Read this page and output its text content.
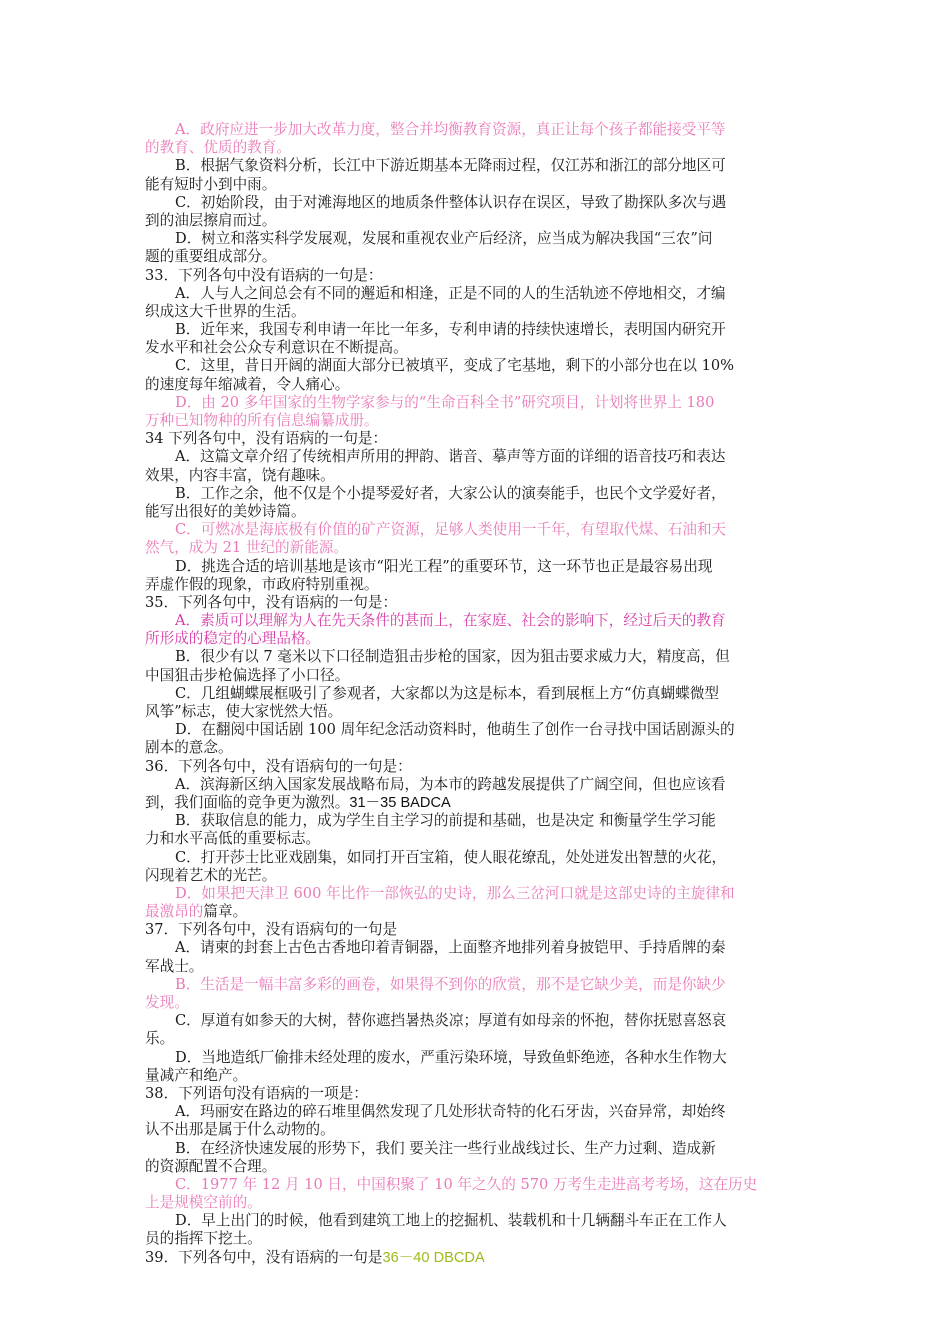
A．政府应进一步加大改革力度，整合并均衡教育资源，真正让每个孩子都能接受平等
的教育、优质的教育。
B．根据气象资料分析，长江中下游近期基本无降雨过程，仅江苏和浙江的部分地区可
能有短时小到中雨。
C．初始阶段，由于对滩海地区的地质条件整体认识存在误区，导致了勘探队多次与遇
到的油层擦肩而过。
D．树立和落实科学发展观，发展和重视农业产后经济，应当成为解决我国“三农”问
题的重要组成部分。
33．下列各句中没有语病的一句是：
A．人与人之间总会有不同的邂逅和相逢，正是不同的人的生活轨迹不停地相交，才编
织成这大千世界的生活。
B．近年来，我国专利申请一年比一年多，专利申请的持续快速增长，表明国内研究开
发水平和社会公众专利意识在不断提高。
C．这里，昔日开阔的湖面大部分已被填平，变成了宅基地，剩下的小部分也在以 10%
的速度每年缩减着，令人痛心。
D．由 20 多年国家的生物学家参与的“生命百科全书”研究项目，计划将世界上 180
万种已知物种的所有信息编纂成册。
34 下列各句中，没有语病的一句是：
A．这篇文章介绍了传统相声所用的押韵、谐音、摹声等方面的详细的语音技巧和表达
效果，内容丰富，饶有趣味。
B．工作之余，他不仅是个小提琴爱好者，大家公认的演奏能手，也民个文学爱好者，
能写出很好的美妙诗篇。
C．可燃冰是海底极有价值的矿产资源，足够人类使用一千年，有望取代煤、石油和天
然气，成为 21 世纪的新能源。
D．挑选合适的培训基地是该市“阳光工程”的重要环节，这一环节也正是最容易出现
弄虚作假的现象，市政府特别重视。
35．下列各句中，没有语病的一句是：
A．素质可以理解为人在先天条件的甚而上，在家庭、社会的影响下，经过后天的教育
所形成的稳定的心理品格。
B．很少有以 7 毫米以下口径制造狙击步枪的国家，因为狙击要求威力大，精度高，但
中国狙击步枪偏选择了小口径。
C．几组蝴蝶展框吸引了参观者，大家都以为这是标本，看到展框上方“仿真蝴蝶微型
风筝”标志，使大家恍然大悟。
D．在翻阅中国话剧 100 周年纪念活动资料时，他萌生了创作一台寻找中国话剧源头的
剧本的意念。
36．下列各句中，没有语病句的一句是：
A．滨海新区纳入国家发展战略布局，为本市的跨越发展提供了广阔空间，但也应该看
到，我们面临的竞争更为激烈。31－35 BADCA
B．获取信息的能力，成为学生自主学习的前提和基础，也是决定 和衡量学生学习能
力和水平高低的重要标志。
C．打开莎士比亚戏剧集，如同打开百宝箱，使人眼花缭乱，处处迸发出智慧的火花，
闪现着艺术的光芒。
D．如果把天津卫 600 年比作一部恢弘的史诗，那么三岔河口就是这部史诗的主旋律和
最激昂的篇章。
37．下列各句中，没有语病句的一句是
A．请柬的封套上古色古香地印着青铜器，上面整齐地排列着身披铠甲、手持盾牌的秦
军战士。
B．生活是一幅丰富多彩的画卷，如果得不到你的欣赏，那不是它缺少美，而是你缺少
发现。
C．厚道有如参天的大树，替你遮挡暑热炎凉；厚道有如母亲的怀抱，替你抚慰喜怒哀
乐。
D．当地造纸厂偷排未经处理的废水，严重污染环境，导致鱼虾绝迹，各种水生作物大
量减产和绝产。
38．下列语句没有语病的一项是：
A．玛丽安在路边的碎石堆里偶然发现了几处形状奇特的化石牙齿，兴奋异常，却始终
认不出那是属于什么动物的。
B．在经济快速发展的形势下，我们 要关注一些行业战线过长、生产力过剩、造成新
的资源配置不合理。
C．1977 年 12 月 10 日，中国积聚了 10 年之久的 570 万考生走进高考考场，这在历史
上是规模空前的。
D．早上出门的时候，他看到建筑工地上的挖掘机、装载机和十几辆翻斗车正在工作人
员的指挥下挖土。
39．下列各句中，没有语病的一句是36－40 DBCDA
